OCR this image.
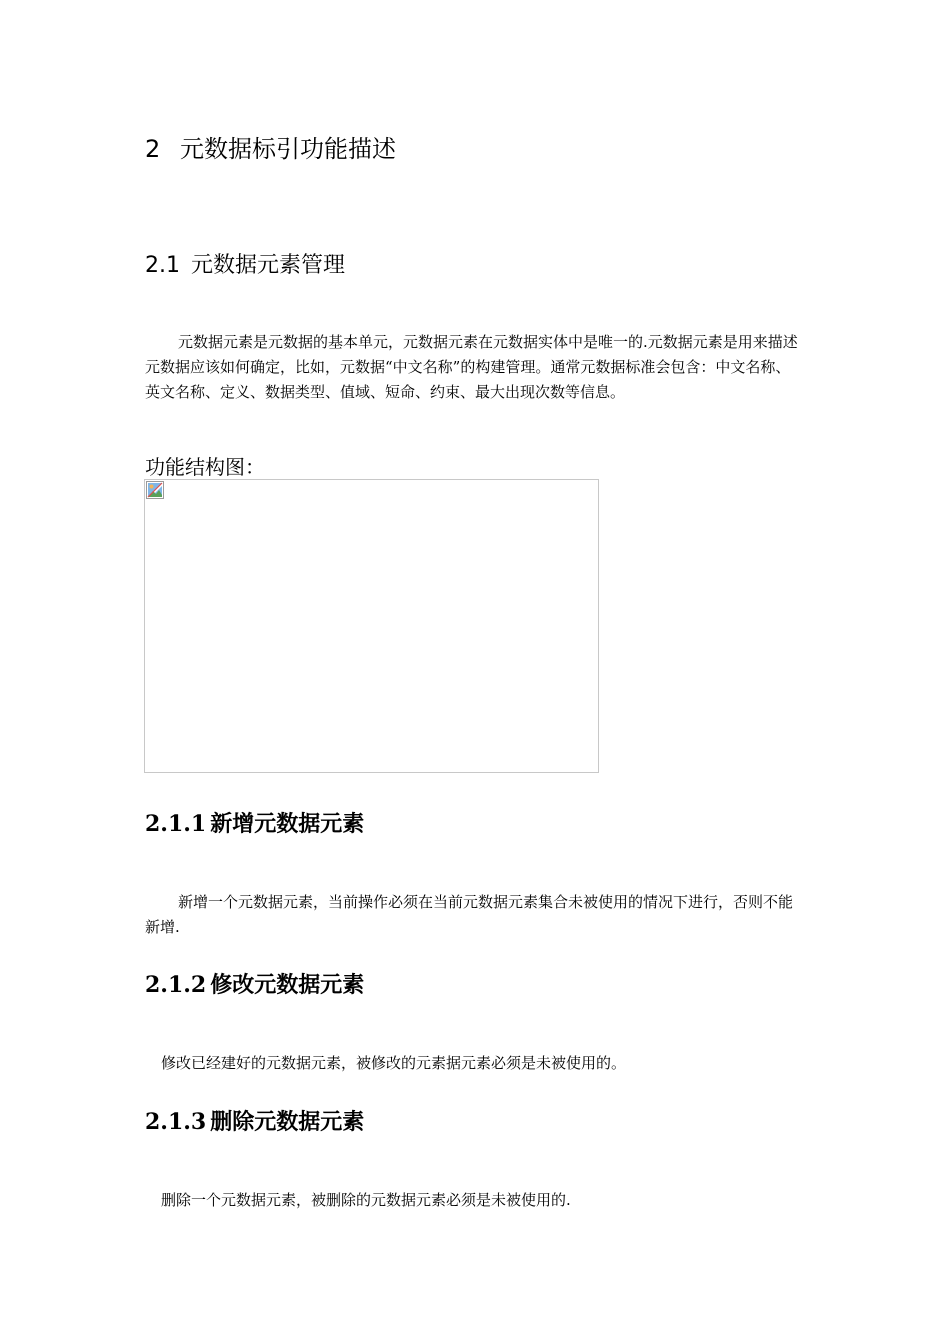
2 元数据标引功能描述
2.1 元数据元素管理

元数据元素是元数据的基本单元，元数据元素在元数据实体中是唯一的.元数据元素是用来描述元数据应该如何确定，比如，元数据“中文名称”的构建管理。通常元数据标准会包含：中文名称、英文名称、定义、数据类型、值域、短命、约束、最大出现次数等信息。

功能结构图：
2.1.1 新增元数据元素

新增一个元数据元素，当前操作必须在当前元数据元素集合未被使用的情况下进行，否则不能新增.

2.1.2 修改元数据元素

修改已经建好的元数据元素，被修改的元素据元素必须是未被使用的。

2.1.3 删除元数据元素

删除一个元数据元素，被删除的元数据元素必须是未被使用的.
